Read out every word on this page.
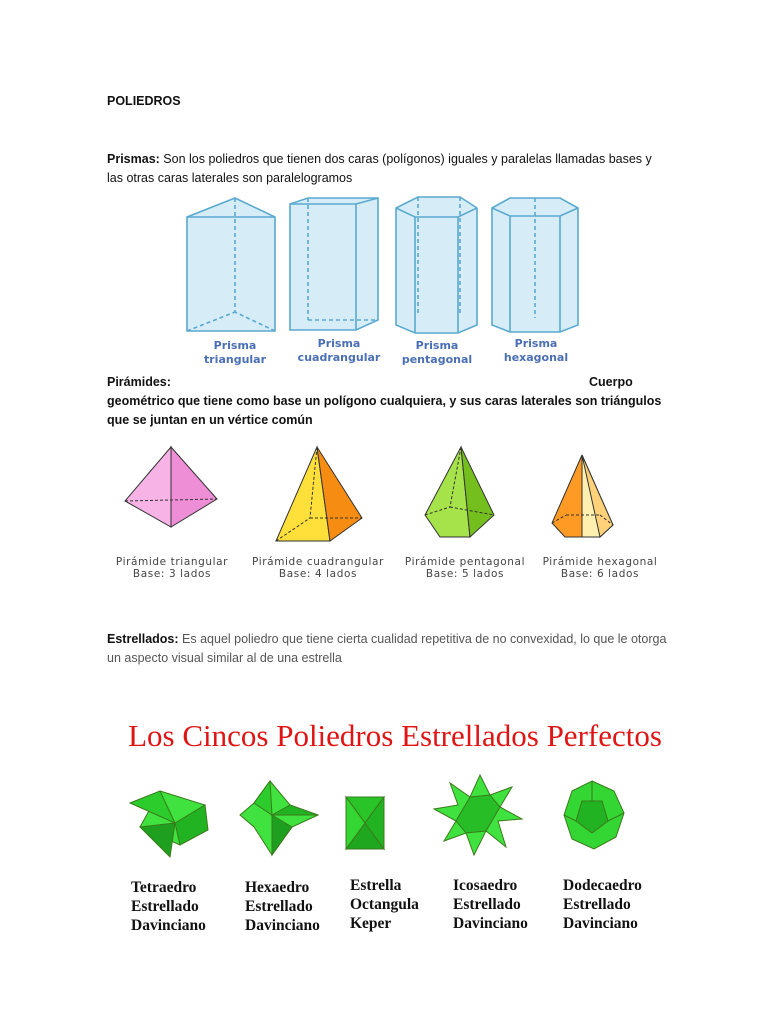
POLIEDROS
Prismas: Son los poliedros que tienen dos caras (polígonos) iguales y paralelas llamadas bases y las otras caras laterales son paralelogramos
Prisma
triangular
Prisma
cuadrangular
Prisma
pentagonal
Prisma
hexagonal
Pirámides:	Cuerpo
geométrico que tiene como base un polígono cualquiera, y sus caras laterales son triángulos que se juntan en un vértice común
Pirámide triangular
Base: 3 lados
Pirámide cuadrangular
Base: 4 lados
Pirámide pentagonal
Base: 5 lados
Pirámide hexagonal
Base: 6 lados
Estrellados: Es aquel poliedro que tiene cierta cualidad repetitiva de no convexidad, lo que le otorga un aspecto visual similar al de una estrella
Los Cincos Poliedros Estrellados Perfectos
Tetraedro
Estrellado
Davinciano
Hexaedro
Estrellado
Davinciano
Estrella
Octangula
Keper
Icosaedro
Estrellado
Davinciano
Dodecaedro
Estrellado
Davinciano
